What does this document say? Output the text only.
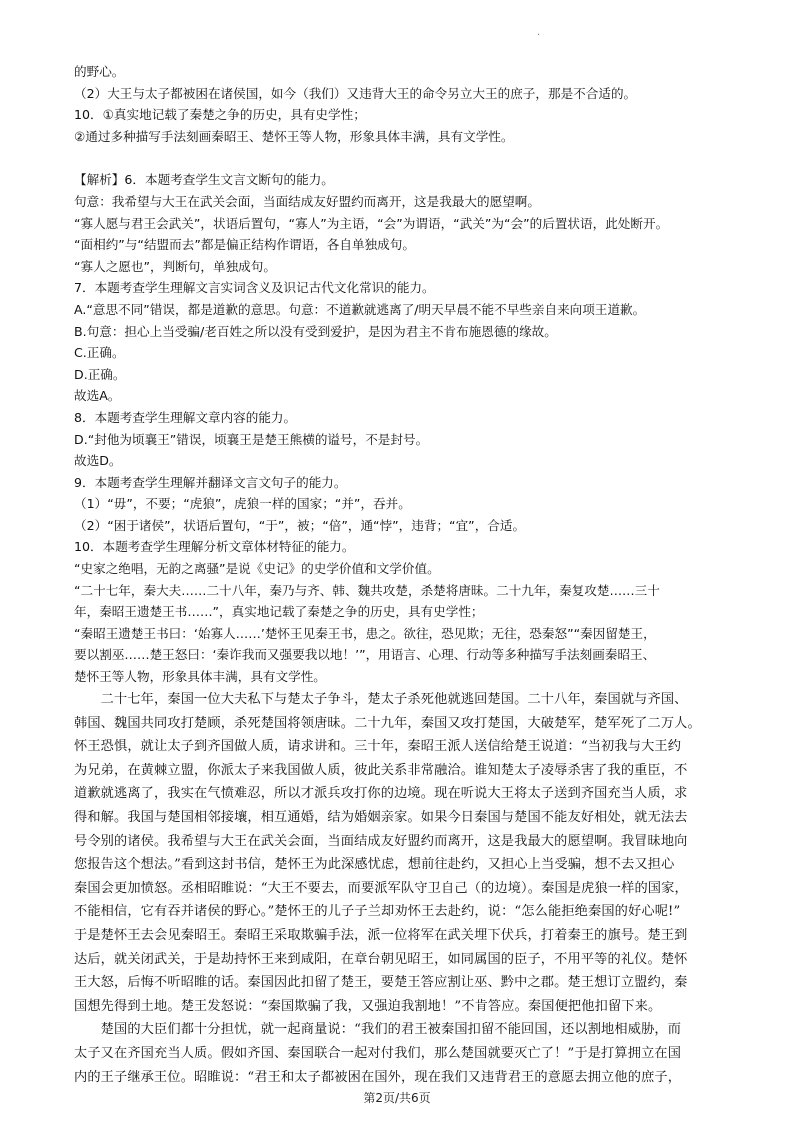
·
的野心。
（2）大王与太子都被困在诸侯国，如今（我们）又违背大王的命令另立大王的庶子，那是不合适的。
10．①真实地记载了秦楚之争的历史，具有史学性；
②通过多种描写手法刻画秦昭王、楚怀王等人物，形象具体丰满，具有文学性。
【解析】6．本题考查学生文言文断句的能力。
句意：我希望与大王在武关会面，当面结成友好盟约而离开，这是我最大的愿望啊。
“寡人愿与君王会武关”，状语后置句，“寡人”为主语，“会”为谓语，“武关”为“会”的后置状语，此处断开。
“面相约”与“结盟而去”都是偏正结构作谓语，各自单独成句。
“寡人之愿也”，判断句，单独成句。
7．本题考查学生理解文言实词含义及识记古代文化常识的能力。
A.“意思不同”错误，都是道歉的意思。句意：不道歉就逃离了/明天早晨不能不早些亲自来向项王道歉。
B.句意：担心上当受骗/老百姓之所以没有受到爱护，是因为君主不肯布施恩德的缘故。
C.正确。
D.正确。
故选A。
8．本题考查学生理解文章内容的能力。
D.“封他为顷襄王”错误，顷襄王是楚王熊横的谥号，不是封号。
故选D。
9．本题考查学生理解并翻译文言文句子的能力。
（1）“毋”，不要；“虎狼”，虎狼一样的国家；“并”，吞并。
（2）“困于诸侯”，状语后置句，“于”，被；“倍”，通“悖”，违背；“宜”，合适。
10．本题考查学生理解分析文章体材特征的能力。
“史家之绝唱，无韵之离骚”是说《史记》的史学价值和文学价值。
“二十七年，秦大夫……二十八年，秦乃与齐、韩、魏共攻楚，杀楚将唐昧。二十九年，秦复攻楚……三十
年，秦昭王遗楚王书……”，真实地记载了秦楚之争的历史，具有史学性；
“秦昭王遗楚王书曰：‘始寡人……’楚怀王见秦王书，患之。欲往，恐见欺；无往，恐秦怒”“秦因留楚王，
要以割巫……楚王怒曰：‘秦诈我而又强要我以地！’”，用语言、心理、行动等多种描写手法刻画秦昭王、
楚怀王等人物，形象具体丰满，具有文学性。
　　二十七年，秦国一位大夫私下与楚太子争斗，楚太子杀死他就逃回楚国。二十八年，秦国就与齐国、
韩国、魏国共同攻打楚顾，杀死楚国将领唐昧。二十九年，秦国又攻打楚国，大破楚军，楚军死了二万人。
怀王恐惧，就让太子到齐国做人质，请求讲和。三十年，秦昭王派人送信给楚王说道：“当初我与大王约
为兄弟，在黄棘立盟，你派太子来我国做人质，彼此关系非常融洽。谁知楚太子凌辱杀害了我的重臣，不
道歉就逃离了，我实在气愤难忍，所以才派兵攻打你的边境。现在听说大王将太子送到齐国充当人质，求
得和解。我国与楚国相邻接壤，相互通婚，结为婚姻亲家。如果今日秦国与楚国不能友好相处，就无法去
号令别的诸侯。我希望与大王在武关会面，当面结成友好盟约而离开，这是我最大的愿望啊。我冒昧地向
您报告这个想法。”看到这封书信，楚怀王为此深感忧虑，想前往赴约，又担心上当受骗，想不去又担心
秦国会更加愤怒。丞相昭睢说：“大王不要去，而要派军队守卫自己（的边境）。秦国是虎狼一样的国家，
不能相信，它有吞并诸侯的野心。”楚怀王的儿子子兰却劝怀王去赴约，说：“怎么能拒绝秦国的好心呢!”
于是楚怀王去会见秦昭王。秦昭王采取欺骗手法，派一位将军在武关埋下伏兵，打着秦王的旗号。楚王到
达后，就关闭武关，于是劫持怀王来到咸阳，在章台朝见昭王，如同属国的臣子，不用平等的礼仪。楚怀
王大怒，后悔不听昭睢的话。秦国因此扣留了楚王，要楚王答应割让巫、黔中之郡。楚王想订立盟约，秦
国想先得到土地。楚王发怒说：“秦国欺骗了我，又强迫我割地！”不肯答应。秦国便把他扣留下来。
　　楚国的大臣们都十分担忧，就一起商量说：“我们的君王被秦国扣留不能回国，还以割地相威胁，而
太子又在齐国充当人质。假如齐国、秦国联合一起对付我们，那么楚国就要灭亡了！”于是打算拥立在国
内的王子继承王位。昭睢说：“君王和太子都被困在国外，现在我们又违背君王的意愿去拥立他的庶子，
第2页/共6页
